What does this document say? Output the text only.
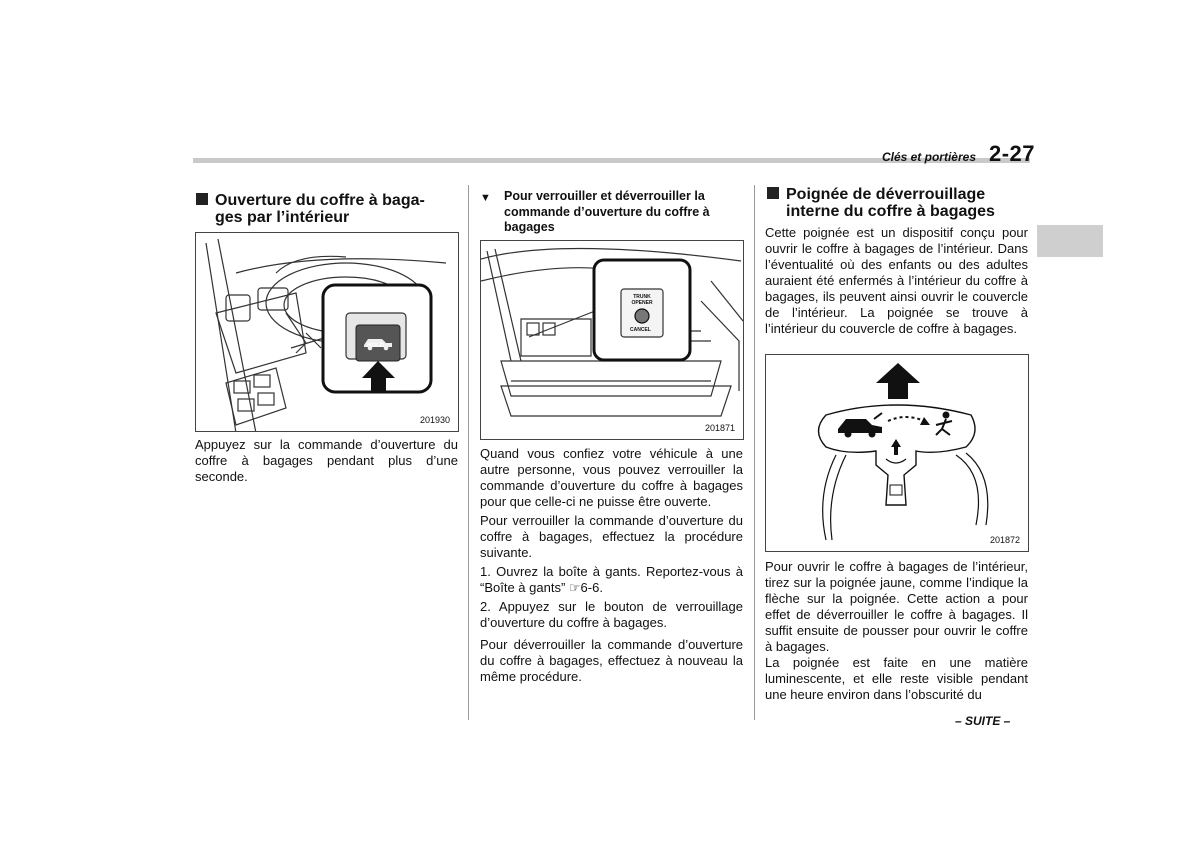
Clés et portières 2-27
Ouverture du coffre à baga-
ges par l’intérieur
HOLD
201930

Appuyez sur la commande d’ouverture du coffre à bagages pendant plus d’une seconde.

▼	Pour verrouiller et déverrouiller la commande d’ouverture du coffre à bagages
TRUNK
OPENER
CANCEL
201871

Quand vous confiez votre véhicule à une autre personne, vous pouvez verrouiller la commande d’ouverture du coffre à bagages pour que celle-ci ne puisse être ouverte.

Pour verrouiller la commande d’ouverture du coffre à bagages, effectuez la procédure suivante.

1. Ouvrez la boîte à gants. Reportez-vous à “Boîte à gants” ☞6-6.

2. Appuyez sur le bouton de verrouillage d’ouverture du coffre à bagages.

Pour déverrouiller la commande d’ouverture du coffre à bagages, effectuez à nouveau la même procédure.

Poignée de déverrouillage
interne du coffre à bagages

Cette poignée est un dispositif conçu pour ouvrir le coffre à bagages de l’intérieur. Dans l’éventualité où des enfants ou des adultes auraient été enfermés à l’intérieur du coffre à bagages, ils peuvent ainsi ouvrir le couvercle de l’intérieur. La poignée se trouve à l’intérieur du couvercle de coffre à bagages.

201872

Pour ouvrir le coffre à bagages de l’intérieur, tirez sur la poignée jaune, comme l’indique la flèche sur la poignée. Cette action a pour effet de déverrouiller le coffre à bagages. Il suffit ensuite de pousser pour ouvrir le coffre à bagages.

La poignée est faite en une matière luminescente, et elle reste visible pendant une heure environ dans l’obscurité du

– SUITE –
